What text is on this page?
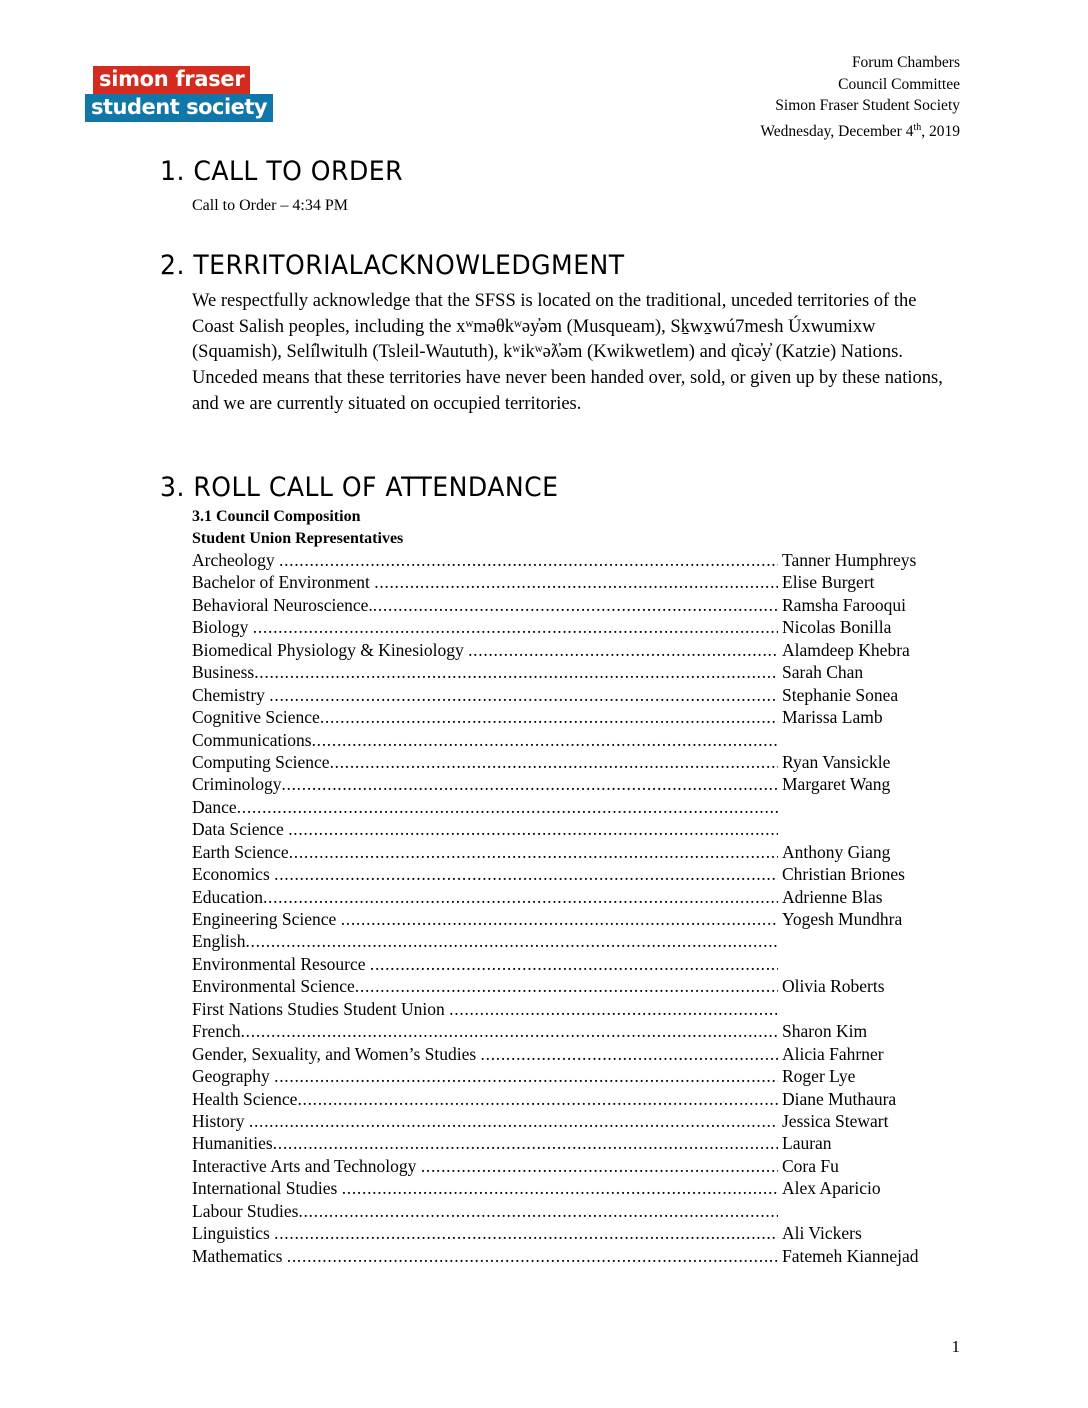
simon fraser
student society
Forum Chambers
Council Committee
Simon Fraser Student Society
Wednesday, December 4th, 2019
1. CALL TO ORDER
Call to Order – 4:34 PM
2. TERRITORIALACKNOWLEDGMENT

We respectfully acknowledge that the SFSS is located on the traditional, unceded territories of the Coast Salish peoples, including the xʷməθkʷəy̓əm (Musqueam), Sḵwx̱wú7mesh Úxwumixw (Squamish), Selí̓lwitulh (Tsleil-Waututh), kʷikʷəƛ̓əm (Kwikwetlem) and q̓icə̓y̓ (Katzie) Nations. Unceded means that these territories have never been handed over, sold, or given up by these nations, and we are currently situated on occupied territories.

3. ROLL CALL OF ATTENDANCE
3.1 Council Composition
Student Union Representatives
Archeology .....	Tanner Humphreys
Bachelor of Environment .....	Elise Burgert
Behavioral Neuroscience. .....	Ramsha Farooqui
Biology .....	Nicolas Bonilla
Biomedical Physiology & Kinesiology .....	Alamdeep Khebra
Business .....	Sarah Chan
Chemistry .....	Stephanie Sonea
Cognitive Science .....	Marissa Lamb
Communications .....
Computing Science .....	Ryan Vansickle
Criminology .....	Margaret Wang
Dance .....
Data Science .....
Earth Science .....	Anthony Giang
Economics .....	Christian Briones
Education .....	Adrienne Blas
Engineering Science .....	Yogesh Mundhra
English .....
Environmental Resource .....
Environmental Science .....	Olivia Roberts
First Nations Studies Student Union .....
French .....	Sharon Kim
Gender, Sexuality, and Women’s Studies .....	Alicia Fahrner
Geography .....	Roger Lye
Health Science .....	Diane Muthaura
History .....	Jessica Stewart
Humanities .....	Lauran
Interactive Arts and Technology .....	Cora Fu
International Studies .....	Alex Aparicio
Labour Studies .....
Linguistics .....	Ali Vickers
Mathematics .....	Fatemeh Kiannejad
1
